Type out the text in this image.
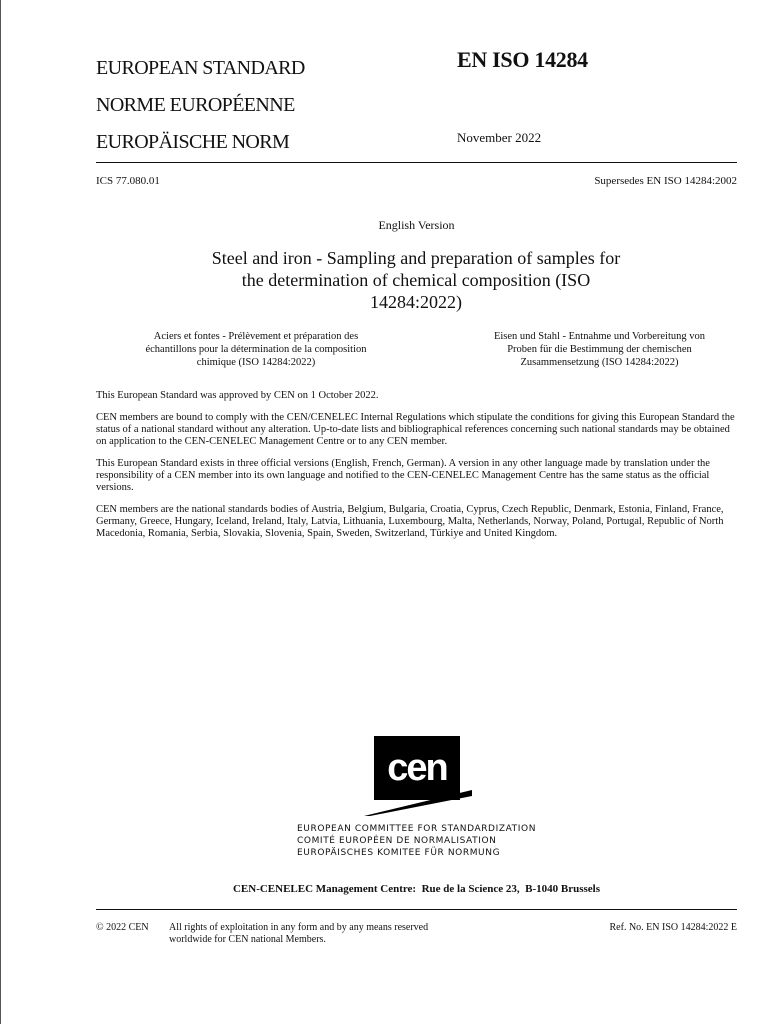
EUROPEAN STANDARD
NORME EUROPÉENNE
EUROPÄISCHE NORM
EN ISO 14284
November 2022
ICS 77.080.01	Supersedes EN ISO 14284:2002
English Version
Steel and iron - Sampling and preparation of samples for
the determination of chemical composition (ISO
14284:2022)
Aciers et fontes - Prélèvement et préparation des
échantillons pour la détermination de la composition
chimique (ISO 14284:2022)
Eisen und Stahl - Entnahme und Vorbereitung von
Proben für die Bestimmung der chemischen
Zusammensetzung (ISO 14284:2022)

This European Standard was approved by CEN on 1 October 2022.

CEN members are bound to comply with the CEN/CENELEC Internal Regulations which stipulate the conditions for giving this European Standard the status of a national standard without any alteration. Up-to-date lists and bibliographical references concerning such national standards may be obtained on application to the CEN-CENELEC Management Centre or to any CEN member.

This European Standard exists in three official versions (English, French, German). A version in any other language made by translation under the responsibility of a CEN member into its own language and notified to the CEN-CENELEC Management Centre has the same status as the official versions.

CEN members are the national standards bodies of Austria, Belgium, Bulgaria, Croatia, Cyprus, Czech Republic, Denmark, Estonia, Finland, France, Germany, Greece, Hungary, Iceland, Ireland, Italy, Latvia, Lithuania, Luxembourg, Malta, Netherlands, Norway, Poland, Portugal, Republic of North Macedonia, Romania, Serbia, Slovakia, Slovenia, Spain, Sweden, Switzerland, Türkiye and United Kingdom.

cen
EUROPEAN COMMITTEE FOR STANDARDIZATION
COMITÉ EUROPÉEN DE NORMALISATION
EUROPÄISCHES KOMITEE FÜR NORMUNG
CEN-CENELEC Management Centre:  Rue de la Science 23,  B-1040 Brussels
© 2022 CEN All rights of exploitation in any form and by any means reserved
worldwide for CEN national Members.
Ref. No. EN ISO 14284:2022 E
